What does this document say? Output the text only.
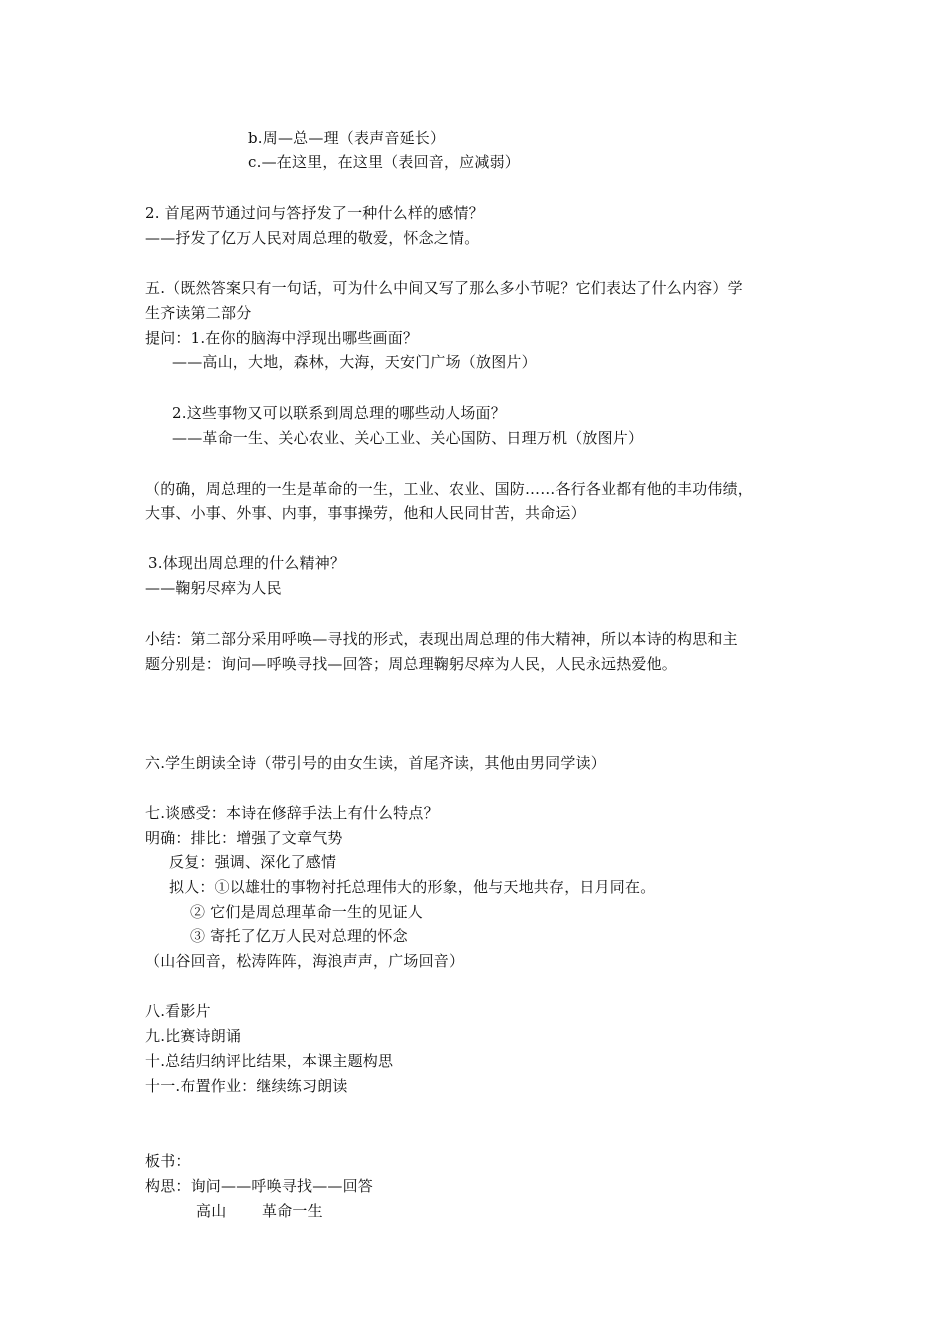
b.周—总—理（表声音延长）
c.—在这里，在这里（表回音，应减弱）
2. 首尾两节通过问与答抒发了一种什么样的感情？
——抒发了亿万人民对周总理的敬爱，怀念之情。
五.（既然答案只有一句话，可为什么中间又写了那么多小节呢？它们表达了什么内容）学
生齐读第二部分
提问：1.在你的脑海中浮现出哪些画面？
——高山，大地，森林，大海，天安门广场（放图片）
2.这些事物又可以联系到周总理的哪些动人场面？
——革命一生、关心农业、关心工业、关心国防、日理万机（放图片）
（的确，周总理的一生是革命的一生，工业、农业、国防……各行各业都有他的丰功伟绩，
大事、小事、外事、内事，事事操劳，他和人民同甘苦，共命运）
3.体现出周总理的什么精神？
——鞠躬尽瘁为人民
小结：第二部分采用呼唤—寻找的形式，表现出周总理的伟大精神，所以本诗的构思和主
题分别是：询问—呼唤寻找—回答；周总理鞠躬尽瘁为人民，人民永远热爱他。
六.学生朗读全诗（带引号的由女生读，首尾齐读，其他由男同学读）
七.谈感受：本诗在修辞手法上有什么特点？
明确：排比：增强了文章气势
反复：强调、深化了感情
拟人：①以雄壮的事物衬托总理伟大的形象，他与天地共存，日月同在。
② 它们是周总理革命一生的见证人
③ 寄托了亿万人民对总理的怀念
（山谷回音，松涛阵阵，海浪声声，广场回音）
八.看影片
九.比赛诗朗诵
十.总结归纳评比结果，本课主题构思
十一.布置作业：继续练习朗读
板书：
构思：询问——呼唤寻找——回答
高山 革命一生
